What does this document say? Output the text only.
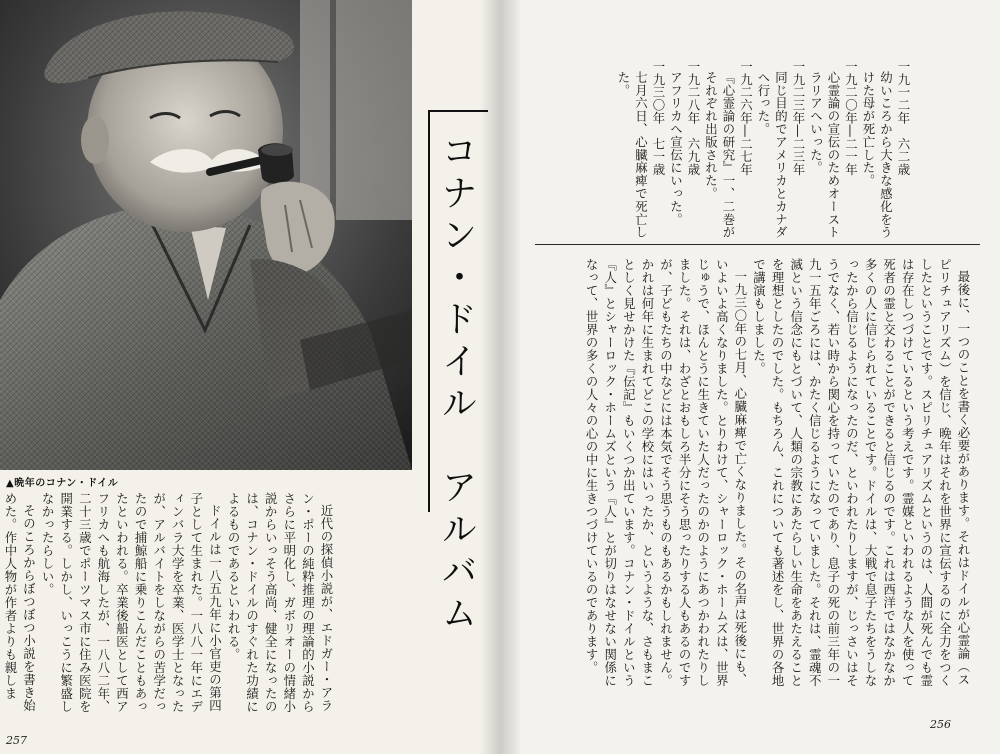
▲晩年のコナン・ドイル

近代の探偵小説が、エドガー・アラン・ポーの純粋推理の理論的小説からさらに平明化し、ガボリオーの情緒小説からいっそう高尚、健全になったのは、コナン・ドイルのすぐれた功績によるものであるといわれる。

ドイルは一八五九年に小官吏の第四子として生まれた。一八八一年にエディンバラ大学を卒業、医学士となったが、アルバイトをしながらの苦学だったので捕鯨船に乗りこんだこともあったといわれる。卒業後船医として西アフリカへも航海したが、一八八二年、二十三歳でポーツマス市に住み医院を開業する。しかし、いっこうに繁盛しなかったらしい。

そのころからぼつぼつ小説を書き始めた。作中人物が作者よりも親しま

コナン・ドイル　アルバム
257
一九一二年　六二歳
幼いころから大きな感化をうけた母が死亡した。
一九二〇年―二一年
心霊論の宣伝のためオーストラリアへいった。
一九二三年―二三年
同じ目的でアメリカとカナダへ行った。
一九二六年―二七年
『心霊論の研究』一、二巻がそれぞれ出版された。
一九二八年　六九歳
アフリカへ宣伝にいった。
一九三〇年　七一歳
七月六日、心臓麻痺で死亡した。

最後に、一つのことを書く必要があります。それはドイルが心霊論（スピリチュアリズム）を信じ、晩年はそれを世界に宣伝するのに全力をつくしたということです。スピリチュアリズムというのは、人間が死んでも霊は存在しつづけているという考えです。霊媒といわれるような人を使って死者の霊と交わることができると信じるのです。これは西洋ではなかなか多くの人に信じられていることです。ドイルは、大戦で息子たちをうしなったから信じるようになったのだ、といわれたりしますが、じっさいはそうでなく、若い時から関心を持っていたのであり、息子の死の前三年の一九一五年ごろには、かたく信じるようになっていました。それは、霊魂不滅という信念にもとづいて、人類の宗教にあたらしい生命をあたえることを理想としたのでした。もちろん、これについても著述をし、世界の各地で講演もしました。

一九三〇年の七月、心臓麻痺で亡くなりました。その名声は死後にも、いよいよ高くなりました。とりわけて、シャーロック・ホームズは、世界じゅうで、ほんとうに生きていた人だったのかのようにあつかわれたりしました。それは、わざとおもしろ半分にそう思ったりする人もあるのですが、子どもたちの中などには本気でそう思うものもあるかもしれません。かれは何年に生まれてどこの学校にはいったか、というような、さもまことしく見せかけた『伝記』もいくつか出ています。コナン・ドイルという『人』とシャーロック・ホームズという『人』とが切りはなせない関係になって、世界の多くの人々の心の中に生きつづけているのであります。

256
